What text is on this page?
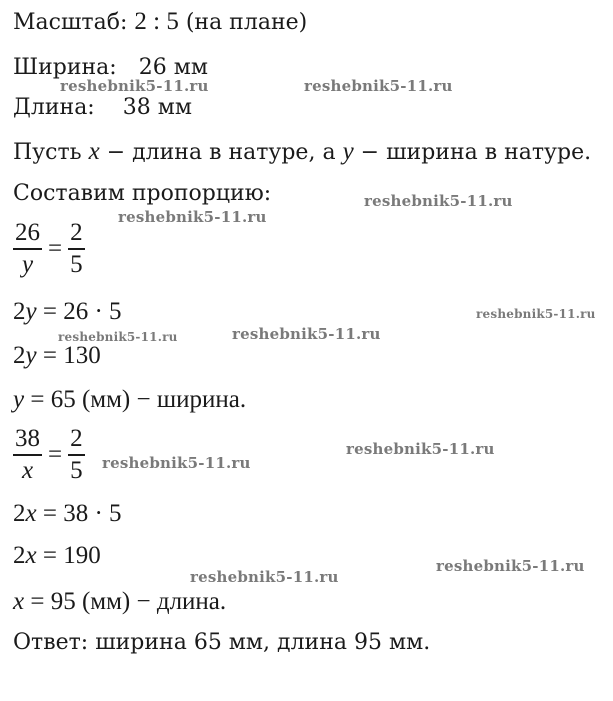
Масштаб: 2 : 5 (на плане)
Ширина: 26 мм
Длина: 38 мм
Пусть x − длина в натуре, а y − ширина в натуре.
Составим пропорцию:
$\frac{26}{y} = \frac{2}{5}$
2y = 26 · 5
2y = 130
y = 65 (мм) − ширина.
$\frac{38}{x} = \frac{2}{5}$
2x = 38 · 5
2x = 190
x = 95 (мм) − длина.
Ответ: ширина 65 мм, длина 95 мм.
reshebnik5-11.ru	reshebnik5-11.ru
reshebnik5-11.ru
reshebnik5-11.ru
reshebnik5-11.ru
reshebnik5-11.ru	reshebnik5-11.ru
reshebnik5-11.ru
reshebnik5-11.ru
reshebnik5-11.ru
reshebnik5-11.ru
